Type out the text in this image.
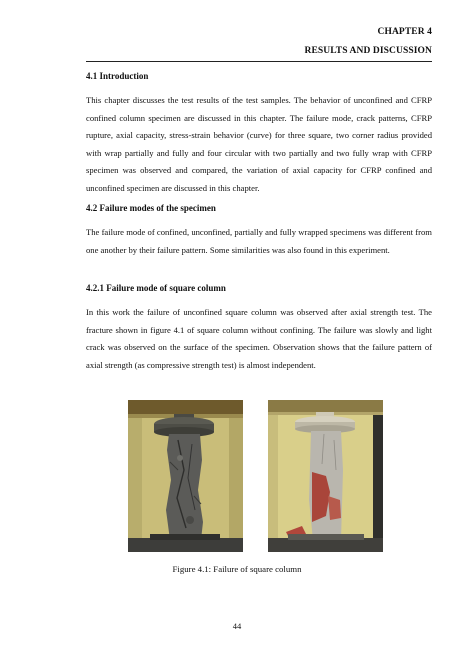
CHAPTER 4
RESULTS AND DISCUSSION
4.1 Introduction

This chapter discusses the test results of the test samples. The behavior of unconfined and CFRP confined column specimen are discussed in this chapter. The failure mode, crack patterns, CFRP rupture, axial capacity, stress-strain behavior (curve) for three square, two corner radius provided with wrap partially and fully and four circular with two partially and two fully wrap with CFRP specimen was observed and compared, the variation of axial capacity for CFRP confined and unconfined specimen are discussed in this chapter.

4.2 Failure modes of the specimen

The failure mode of confined, unconfined, partially and fully wrapped specimens was different from one another by their failure pattern. Some similarities was also found in this experiment.

4.2.1 Failure mode of square column

In this work the failure of unconfined square column was observed after axial strength test. The fracture shown in figure 4.1 of square column without confining. The failure was slowly and light crack was observed on the surface of the specimen. Observation shows that the failure pattern of axial strength (as compressive strength test) is almost independent.

Figure 4.1: Failure of square column
44
